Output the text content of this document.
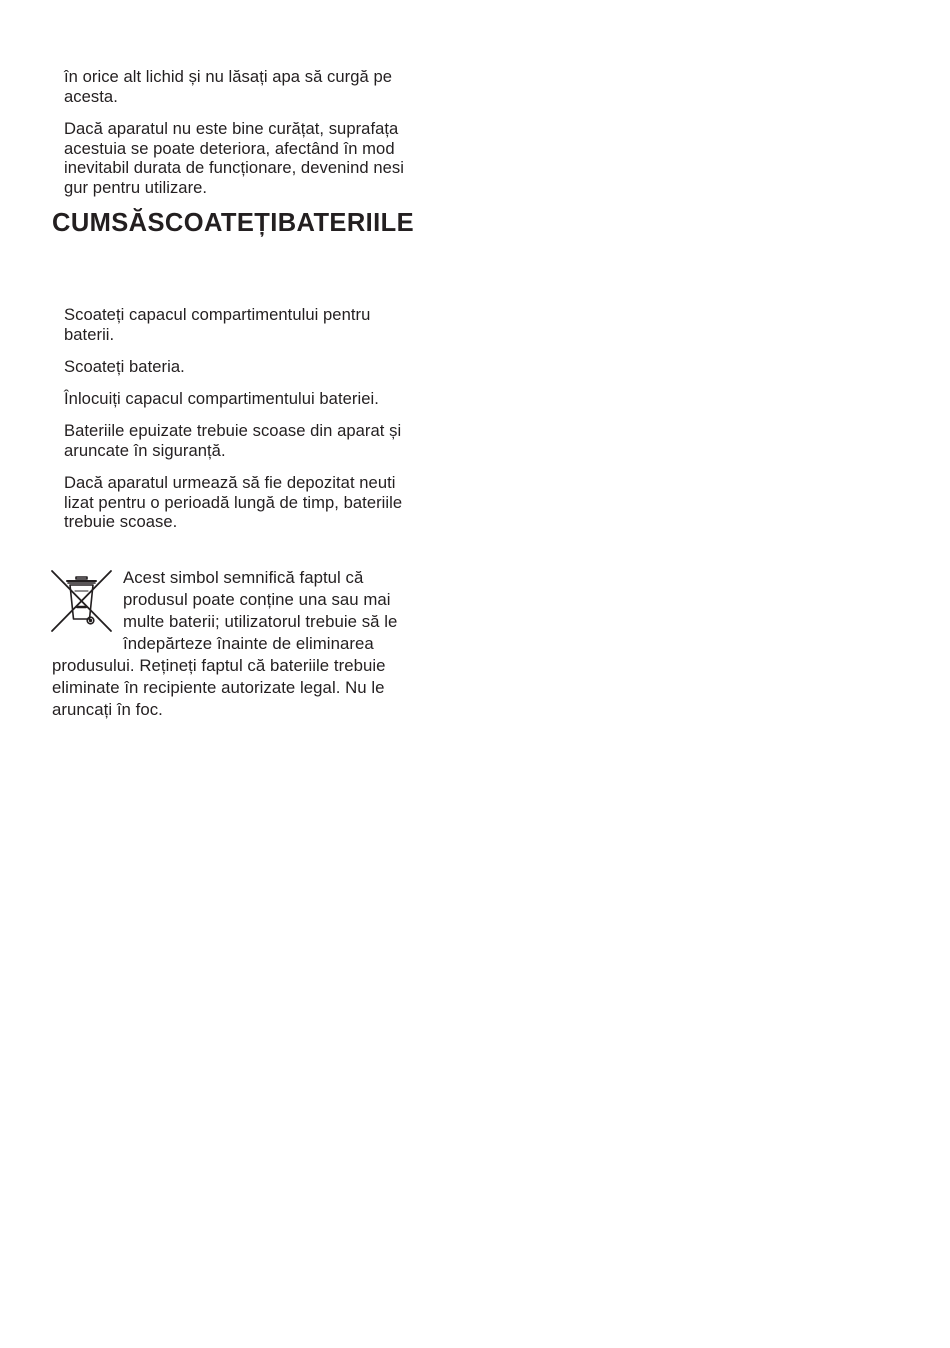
în orice alt lichid și nu lăsați apa să curgă pe
acesta.
Dacă aparatul nu este bine curățat, suprafața
acestuia se poate deteriora, afectând în mod
inevitabil durata de funcționare, devenind nesi
gur pentru utilizare.
CUMSĂSCOATEȚIBATERIILE
Scoateți capacul compartimentului pentru
baterii.
Scoateți bateria.
Înlocuiți capacul compartimentului bateriei.
Bateriile epuizate trebuie scoase din aparat și
aruncate în siguranță.
Dacă aparatul urmează să fie depozitat neuti
lizat pentru o perioadă lungă de timp, bateriile
trebuie scoase.
Acest simbol semnifică faptul că
produsul poate conține una sau mai
multe baterii; utilizatorul trebuie să le
îndepărteze înainte de eliminarea
produsului. Rețineți faptul că bateriile trebuie
eliminate în recipiente autorizate legal. Nu le
aruncați în foc.
